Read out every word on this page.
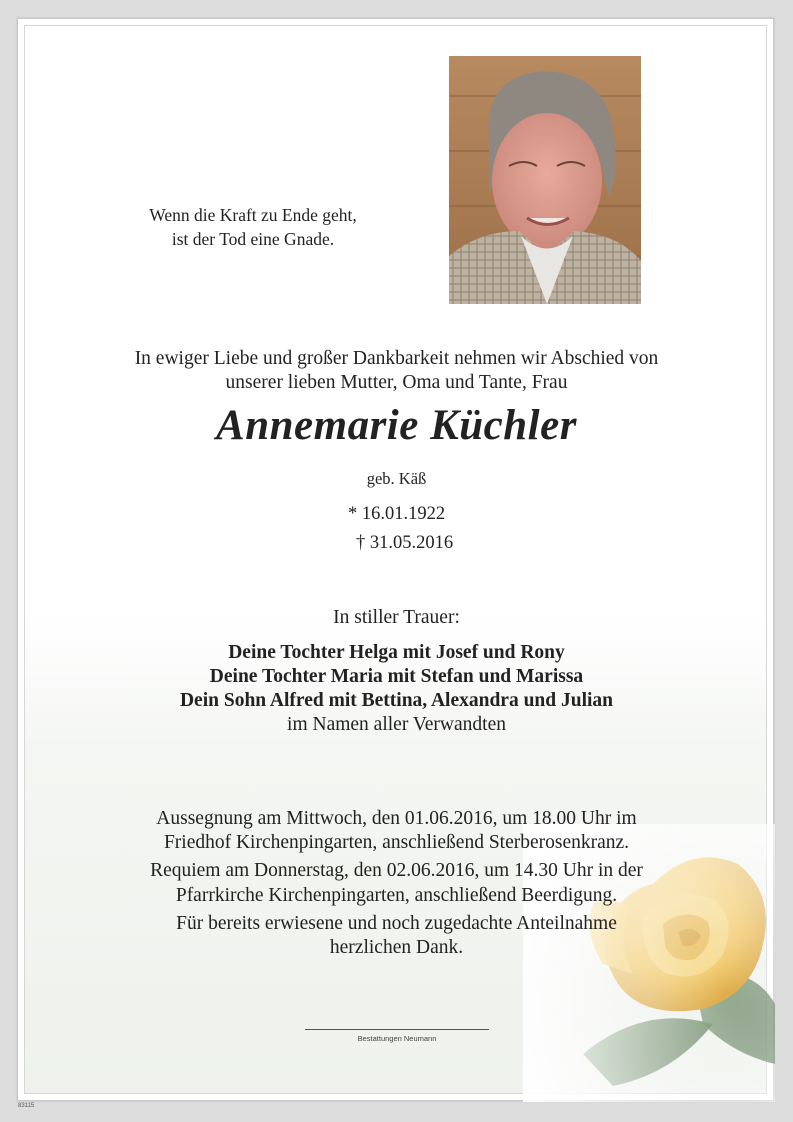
Wenn die Kraft zu Ende geht,
ist der Tod eine Gnade.
In ewiger Liebe und großer Dankbarkeit nehmen wir Abschied von
unserer lieben Mutter, Oma und Tante, Frau
Annemarie Küchler
geb. Käß
* 16.01.1922
† 31.05.2016
In stiller Trauer:
Deine Tochter Helga mit Josef und Rony
Deine Tochter Maria mit Stefan und Marissa
Dein Sohn Alfred mit Bettina, Alexandra und Julian
im Namen aller Verwandten
Aussegnung am Mittwoch, den 01.06.2016, um 18.00 Uhr im
Friedhof Kirchenpingarten, anschließend Sterberosenkranz.
Requiem am Donnerstag, den 02.06.2016, um 14.30 Uhr in der
Pfarrkirche Kirchenpingarten, anschließend Beerdigung.
Für bereits erwiesene und noch zugedachte Anteilnahme
herzlichen Dank.
Bestattungen Neumann
83115
